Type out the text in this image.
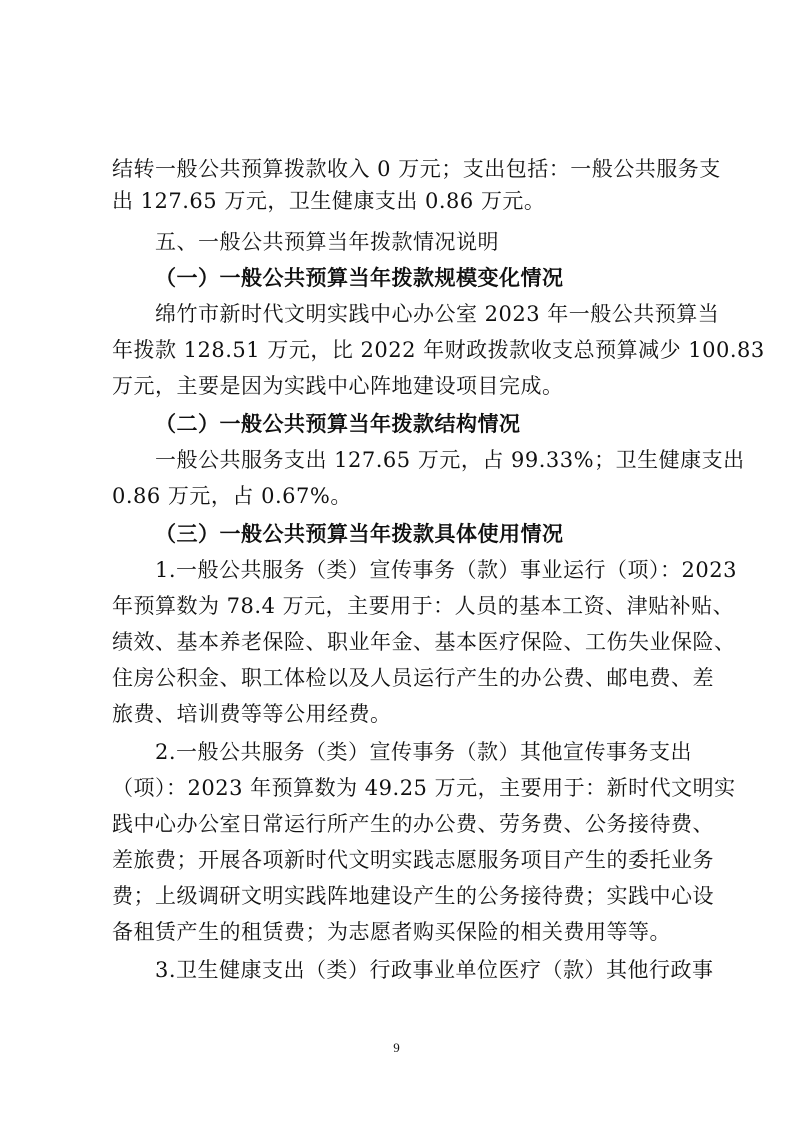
结转一般公共预算拨款收入 0 万元；支出包括：一般公共服务支
出 127.65 万元，卫生健康支出 0.86 万元。
五、一般公共预算当年拨款情况说明
（一）一般公共预算当年拨款规模变化情况
绵竹市新时代文明实践中心办公室 2023 年一般公共预算当
年拨款 128.51 万元，比 2022 年财政拨款收支总预算减少 100.83
万元，主要是因为实践中心阵地建设项目完成。
（二）一般公共预算当年拨款结构情况
一般公共服务支出 127.65 万元，占 99.33%；卫生健康支出
0.86 万元，占 0.67%。
（三）一般公共预算当年拨款具体使用情况
1.一般公共服务（类）宣传事务（款）事业运行（项）：2023
年预算数为 78.4 万元，主要用于：人员的基本工资、津贴补贴、
绩效、基本养老保险、职业年金、基本医疗保险、工伤失业保险、
住房公积金、职工体检以及人员运行产生的办公费、邮电费、差
旅费、培训费等等公用经费。
2.一般公共服务（类）宣传事务（款）其他宣传事务支出
（项）：2023 年预算数为 49.25 万元，主要用于：新时代文明实
践中心办公室日常运行所产生的办公费、劳务费、公务接待费、
差旅费；开展各项新时代文明实践志愿服务项目产生的委托业务
费；上级调研文明实践阵地建设产生的公务接待费；实践中心设
备租赁产生的租赁费；为志愿者购买保险的相关费用等等。
3.卫生健康支出（类）行政事业单位医疗（款）其他行政事
9
